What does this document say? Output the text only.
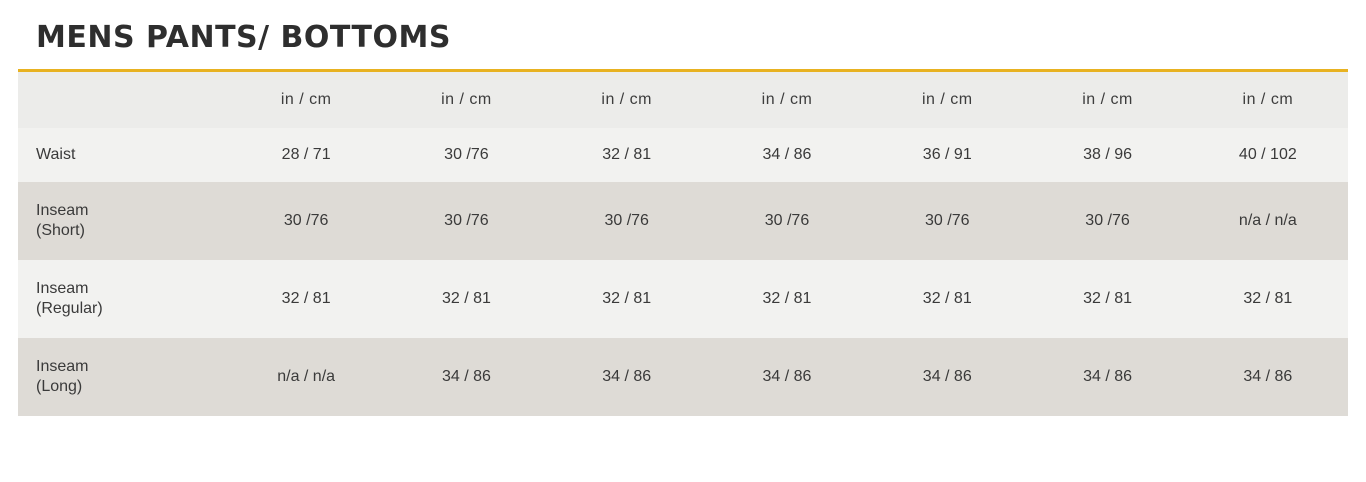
MENS PANTS/ BOTTOMS
	in / cm	in / cm	in / cm	in / cm	in / cm	in / cm	in / cm

Waist	28 / 71	30 /76	32 / 81	34 / 86	36 / 91	38 / 96	40 / 102

Inseam
(Short)	30 /76	30 /76	30 /76	30 /76	30 /76	30 /76	n/a / n/a

Inseam
(Regular)	32 / 81	32 / 81	32 / 81	32 / 81	32 / 81	32 / 81	32 / 81

Inseam
(Long)	n/a / n/a	34 / 86	34 / 86	34 / 86	34 / 86	34 / 86	34 / 86
